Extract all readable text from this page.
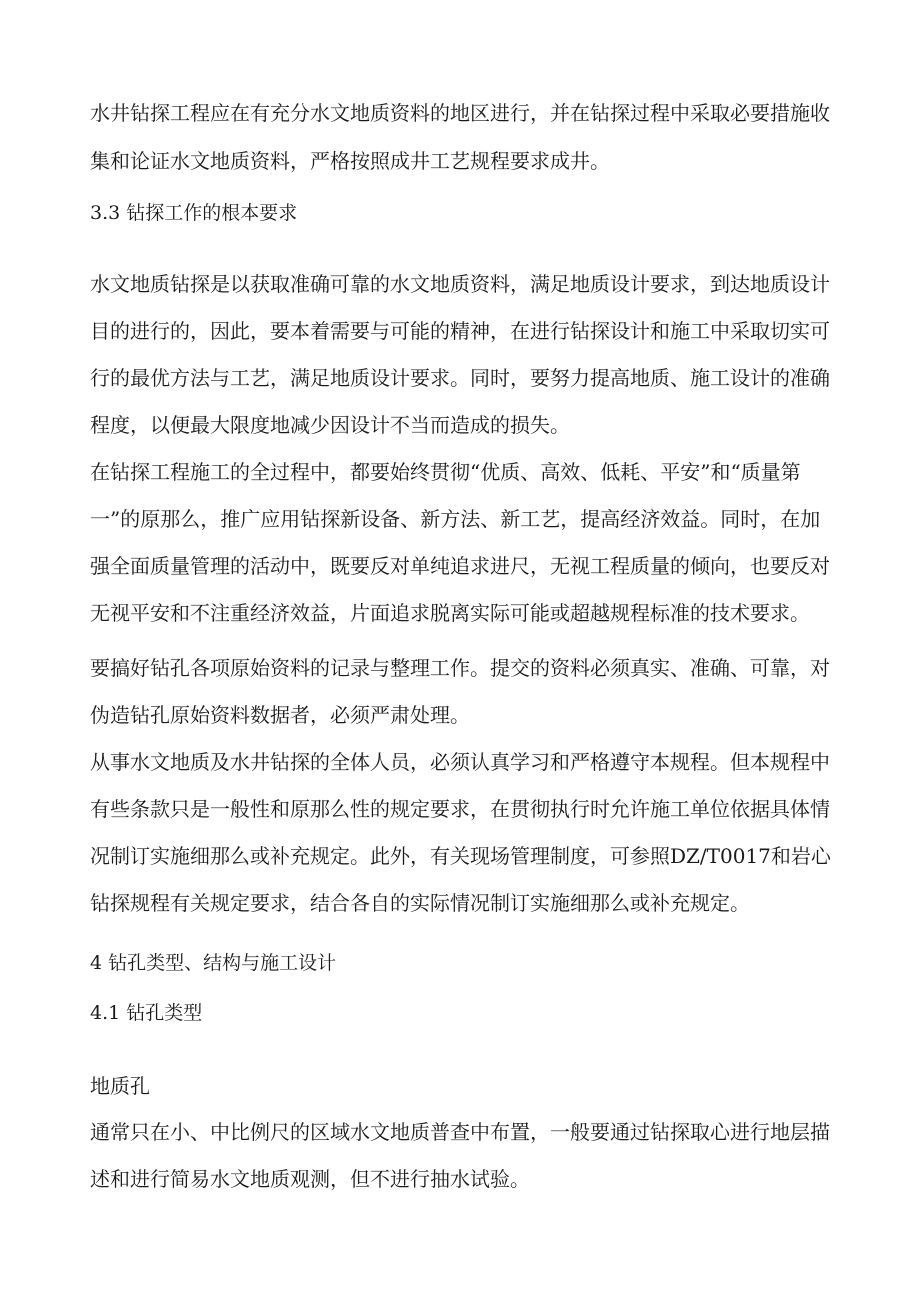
水井钻探工程应在有充分水文地质资料的地区进行，并在钻探过程中采取必要措施收

集和论证水文地质资料，严格按照成井工艺规程要求成井。

3.3 钻探工作的根本要求

水文地质钻探是以获取准确可靠的水文地质资料，满足地质设计要求，到达地质设计

目的进行的，因此，要本着需要与可能的精神，在进行钻探设计和施工中采取切实可

行的最优方法与工艺，满足地质设计要求。同时，要努力提高地质、施工设计的准确

程度，以便最大限度地减少因设计不当而造成的损失。

在钻探工程施工的全过程中，都要始终贯彻“优质、高效、低耗、平安”和“质量第

一”的原那么，推广应用钻探新设备、新方法、新工艺，提高经济效益。同时，在加

强全面质量管理的活动中，既要反对单纯追求进尺，无视工程质量的倾向，也要反对

无视平安和不注重经济效益，片面追求脱离实际可能或超越规程标准的技术要求。

要搞好钻孔各项原始资料的记录与整理工作。提交的资料必须真实、准确、可靠，对

伪造钻孔原始资料数据者，必须严肃处理。

从事水文地质及水井钻探的全体人员，必须认真学习和严格遵守本规程。但本规程中

有些条款只是一般性和原那么性的规定要求，在贯彻执行时允许施工单位依据具体情

况制订实施细那么或补充规定。此外，有关现场管理制度，可参照DZ/T0017和岩心

钻探规程有关规定要求，结合各自的实际情况制订实施细那么或补充规定。

4 钻孔类型、结构与施工设计

4.1 钻孔类型

地质孔

通常只在小、中比例尺的区域水文地质普查中布置，一般要通过钻探取心进行地层描

述和进行简易水文地质观测，但不进行抽水试验。
